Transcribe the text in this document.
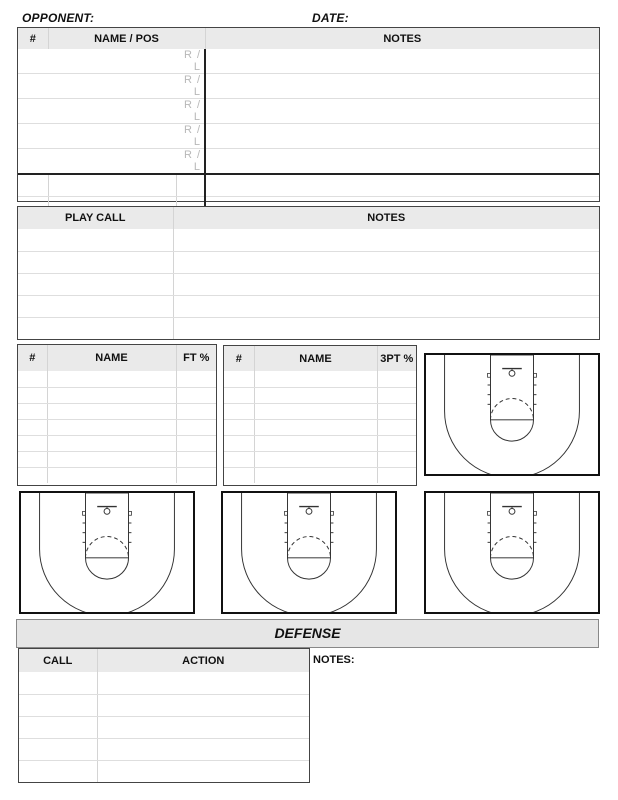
OPPONENT:	DATE:
#	NAME / POS		NOTES
		R / L	
		R / L	
		R / L	
		R / L	
		R / L	

PLAY CALL	NOTES

#	NAME	FT %

		#	NAME	3PT %

DEFENSE
CALL	ACTION

		NOTES:
